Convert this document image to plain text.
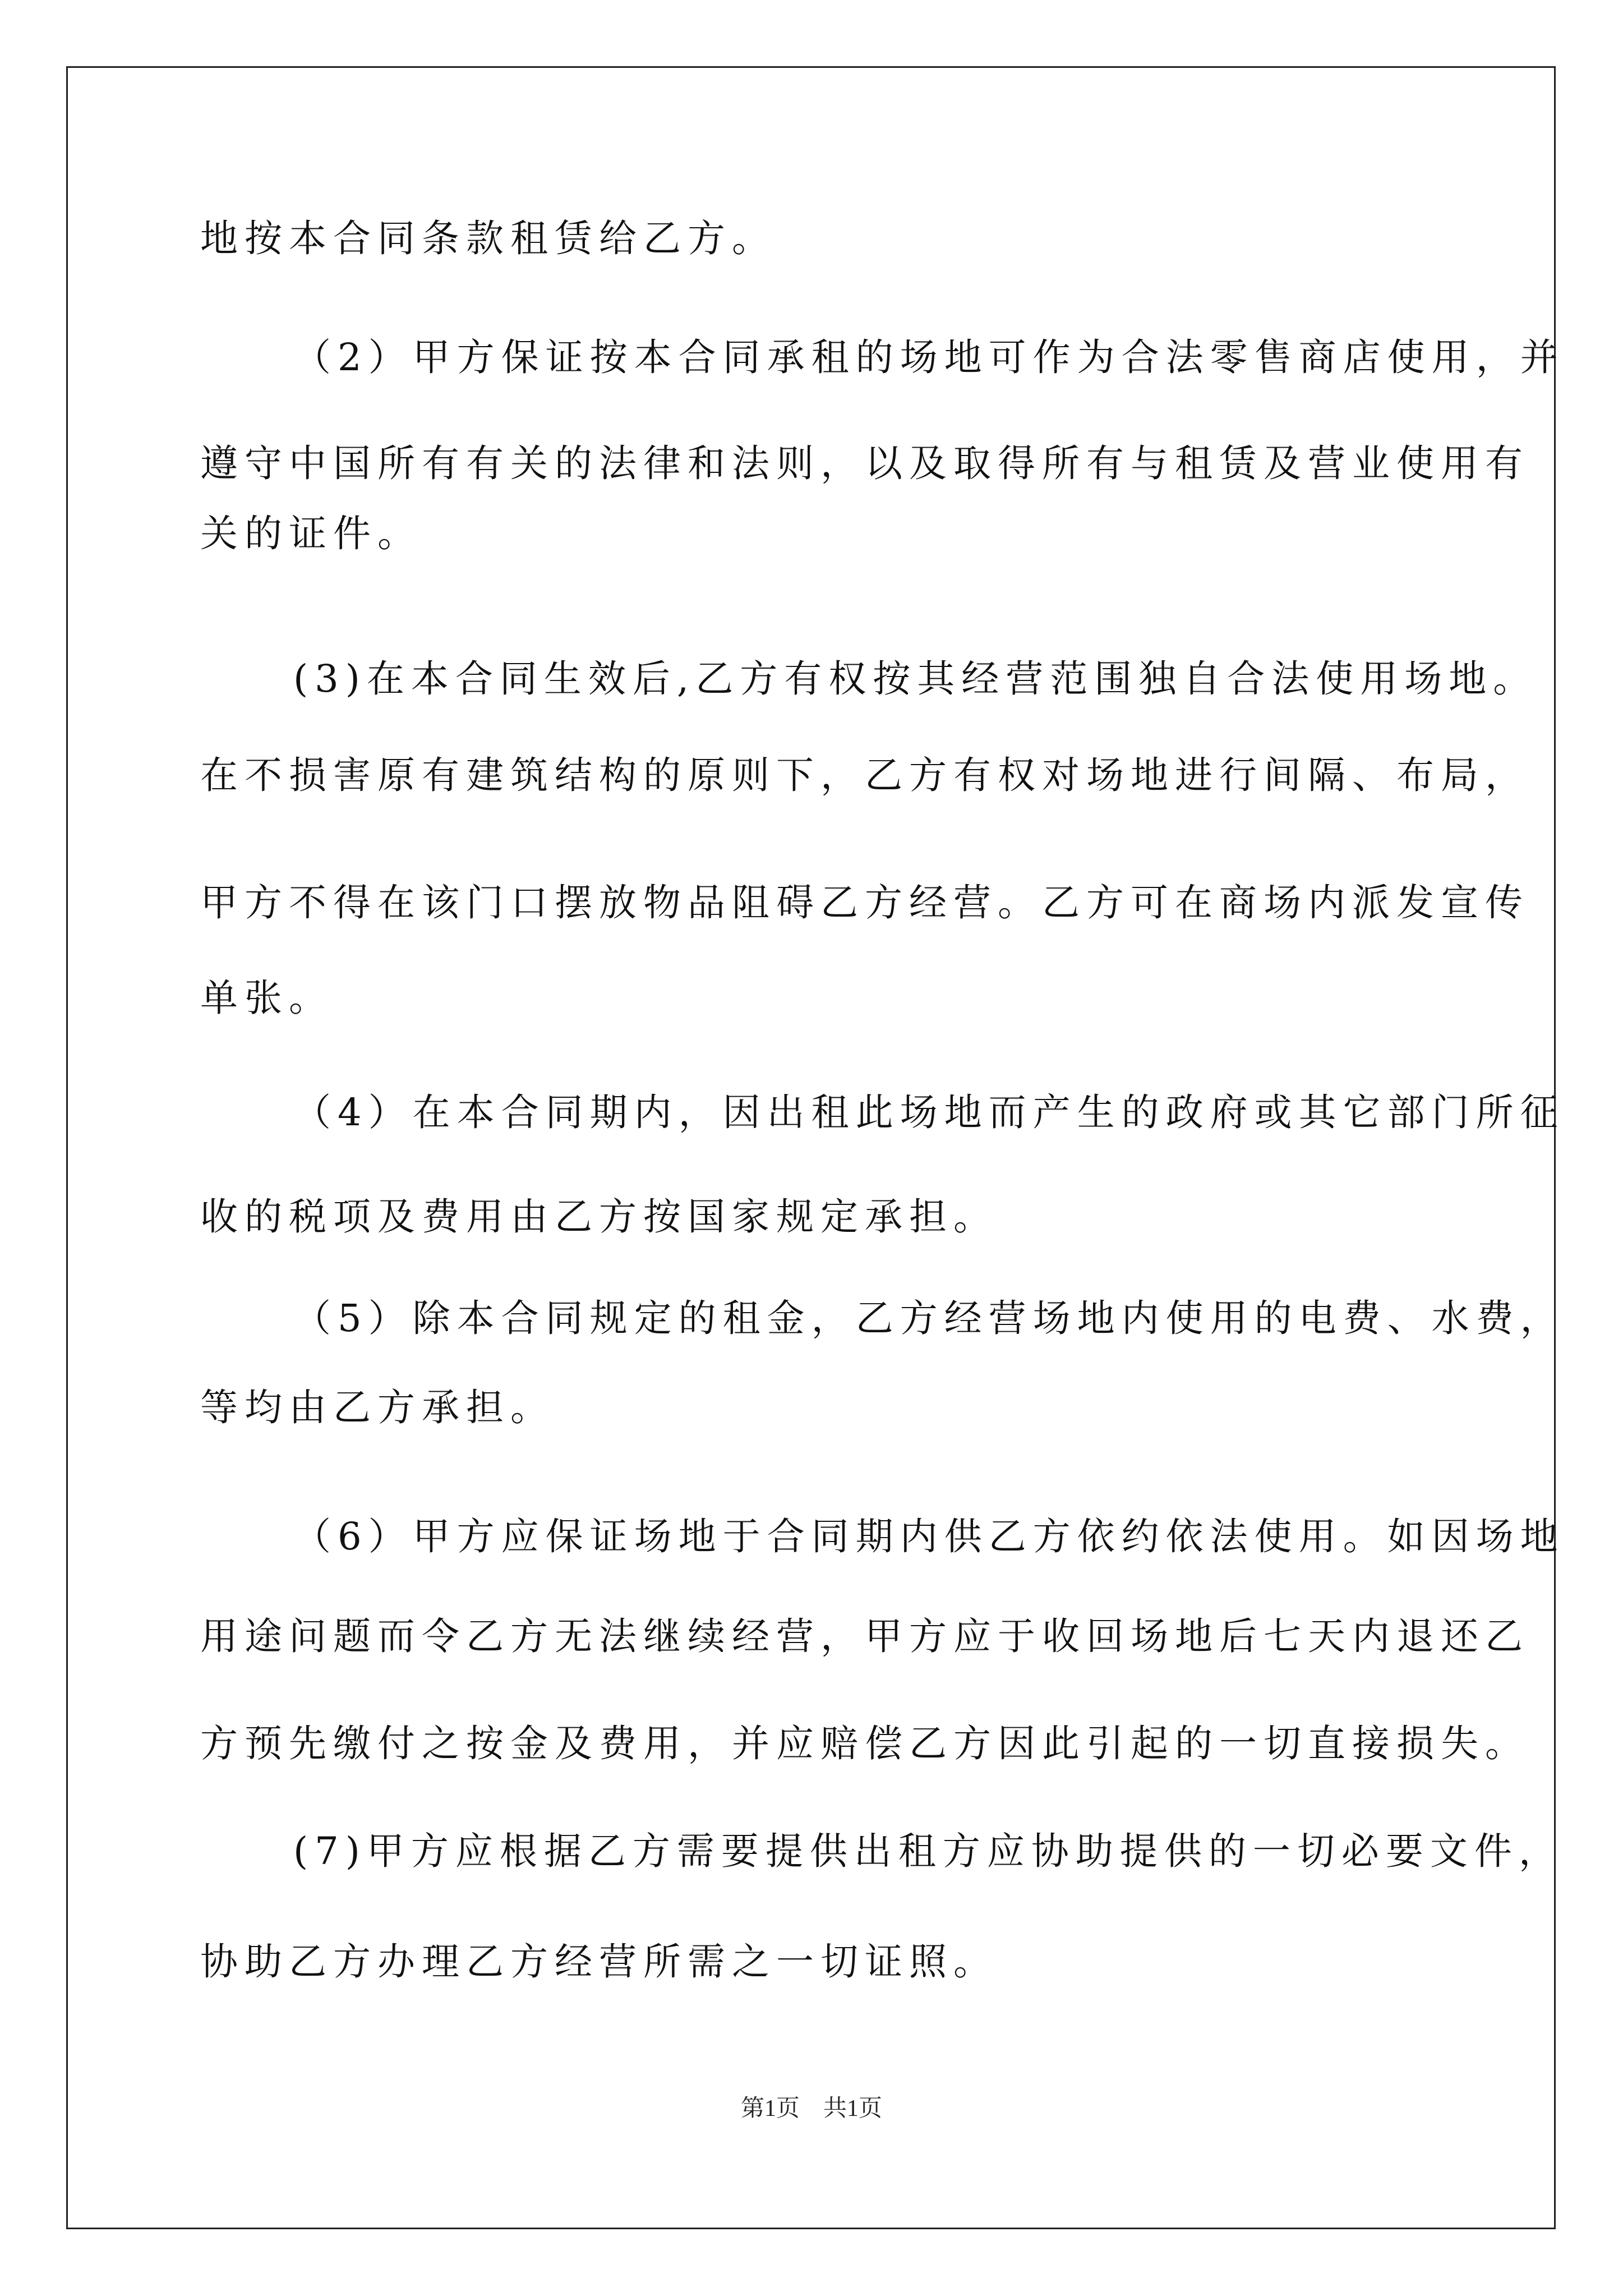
地按本合同条款租赁给乙方。
（2）甲方保证按本合同承租的场地可作为合法零售商店使用，并
遵守中国所有有关的法律和法则，以及取得所有与租赁及营业使用有
关的证件。
(3)在本合同生效后,乙方有权按其经营范围独自合法使用场地。
在不损害原有建筑结构的原则下，乙方有权对场地进行间隔、布局，
甲方不得在该门口摆放物品阻碍乙方经营。乙方可在商场内派发宣传
单张。
（4）在本合同期内，因出租此场地而产生的政府或其它部门所征
收的税项及费用由乙方按国家规定承担。
（5）除本合同规定的租金，乙方经营场地内使用的电费、水费，
等均由乙方承担。
（6）甲方应保证场地于合同期内供乙方依约依法使用。如因场地
用途问题而令乙方无法继续经营，甲方应于收回场地后七天内退还乙
方预先缴付之按金及费用，并应赔偿乙方因此引起的一切直接损失。
(7)甲方应根据乙方需要提供出租方应协助提供的一切必要文件，
协助乙方办理乙方经营所需之一切证照。
第1页　共1页
